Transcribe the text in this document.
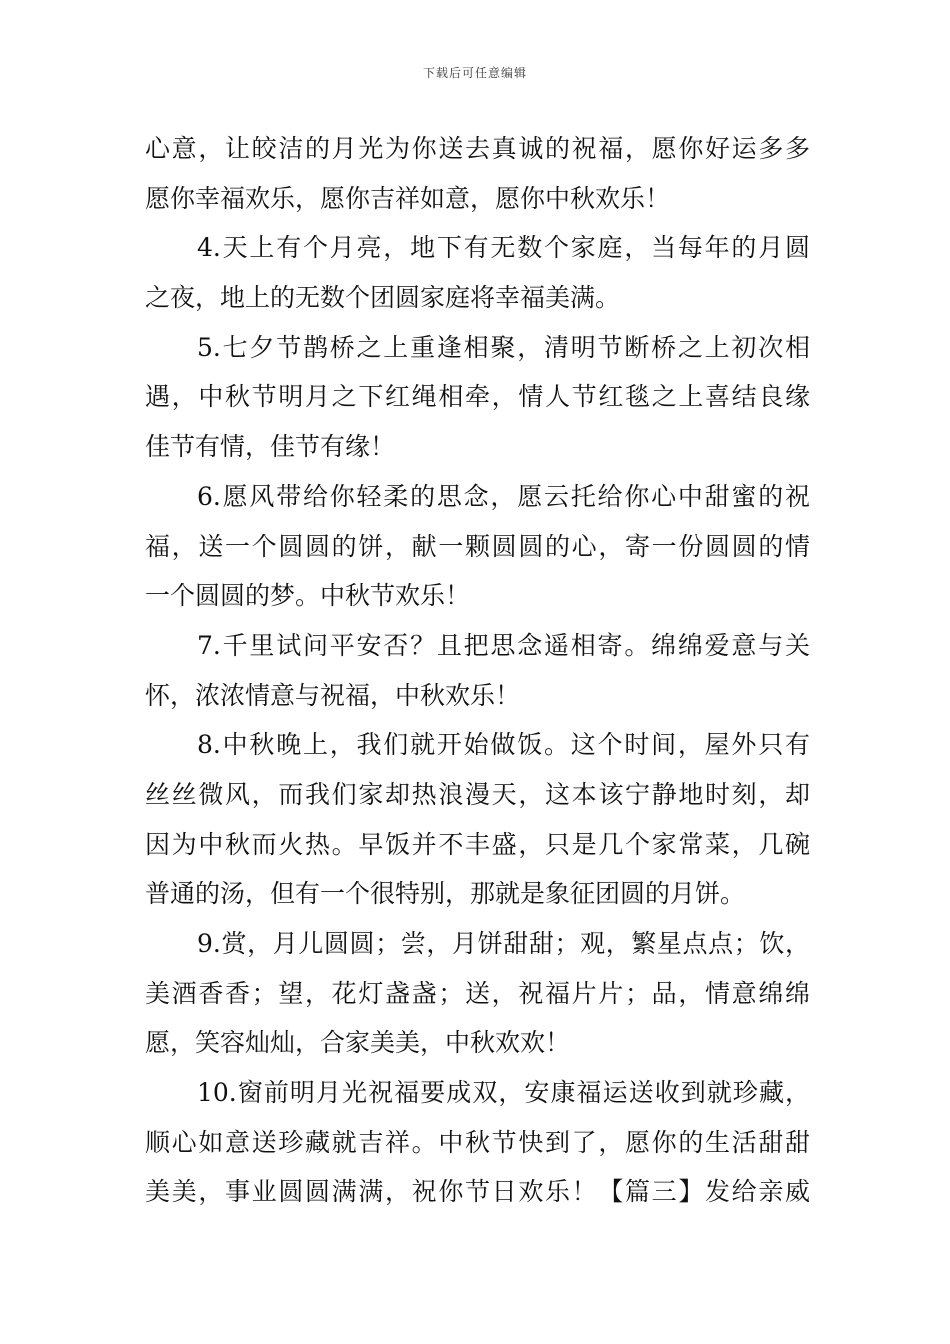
下载后可任意编辑
心意，让皎洁的月光为你送去真诚的祝福，愿你好运多多
愿你幸福欢乐，愿你吉祥如意，愿你中秋欢乐！
4.天上有个月亮，地下有无数个家庭，当每年的月圆
之夜，地上的无数个团圆家庭将幸福美满。
5.七夕节鹊桥之上重逢相聚，清明节断桥之上初次相
遇，中秋节明月之下红绳相牵，情人节红毯之上喜结良缘
佳节有情，佳节有缘！
6.愿风带给你轻柔的思念，愿云托给你心中甜蜜的祝
福，送一个圆圆的饼，献一颗圆圆的心，寄一份圆圆的情
一个圆圆的梦。中秋节欢乐！
7.千里试问平安否？且把思念遥相寄。绵绵爱意与关
怀，浓浓情意与祝福，中秋欢乐！
8.中秋晚上，我们就开始做饭。这个时间，屋外只有
丝丝微风，而我们家却热浪漫天，这本该宁静地时刻，却
因为中秋而火热。早饭并不丰盛，只是几个家常菜，几碗
普通的汤，但有一个很特别，那就是象征团圆的月饼。
9.赏，月儿圆圆；尝，月饼甜甜；观，繁星点点；饮，
美酒香香；望，花灯盏盏；送，祝福片片；品，情意绵绵
愿，笑容灿灿，合家美美，中秋欢欢！
10.窗前明月光祝福要成双，安康福运送收到就珍藏，
顺心如意送珍藏就吉祥。中秋节快到了，愿你的生活甜甜
美美，事业圆圆满满，祝你节日欢乐！【篇三】发给亲威
